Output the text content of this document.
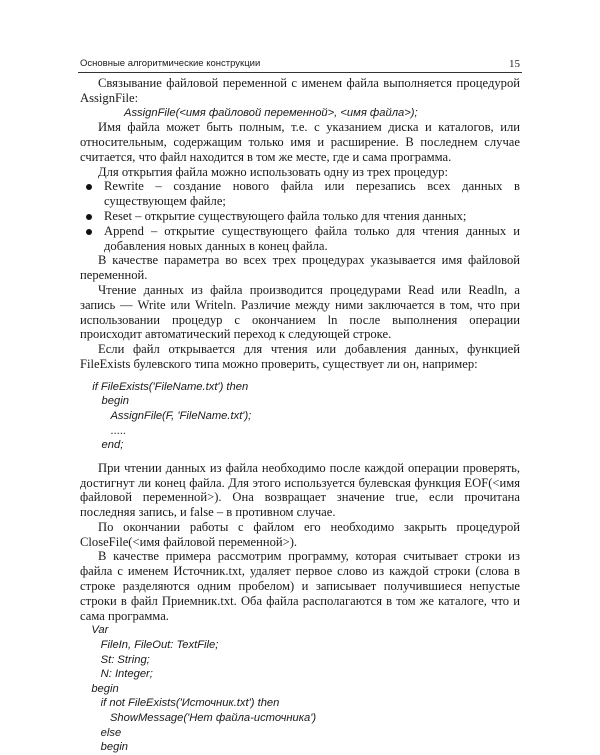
Основные алгоритмические конструкции	15

Связывание файловой переменной с именем файла выполняется процедурой AssignFile:

AssignFile(<имя файловой переменной>, <имя файла>);

Имя файла может быть полным, т.е. с указанием диска и каталогов, или относительным, содержащим только имя и расширение. В последнем случае считается, что файл находится в том же месте, где и сама программа.

Для открытия файла можно использовать одну из трех процедур:

Rewrite – создание нового файла или перезапись всех данных в существующем файле;
Reset – открытие существующего файла только для чтения данных;
Append – открытие существующего файла только для чтения данных и добавления новых данных в конец файла.

В качестве параметра во всех трех процедурах указывается имя файловой переменной.

Чтение данных из файла производится процедурами Read или Readln, а запись — Write или Writeln. Различие между ними заключается в том, что при использовании процедур с окончанием ln после выполнения операции происходит автоматический переход к следующей строке.

Если файл открывается для чтения или добавления данных, функцией FileExists булевского типа можно проверить, существует ли он, например:

if FileExists('FileName.txt') then
begin
AssignFile(F, 'FileName.txt');
.....
end;

При чтении данных из файла необходимо после каждой операции проверять, достигнут ли конец файла. Для этого используется булевская функция EOF(<имя файловой переменной>). Она возвращает значение true, если прочитана последняя запись, и false – в противном случае.

По окончании работы с файлом его необходимо закрыть процедурой CloseFile(<имя файловой переменной>).

В качестве примера рассмотрим программу, которая считывает строки из файла с именем Источник.txt, удаляет первое слово из каждой строки (слова в строке разделяются одним пробелом) и записывает получившиеся непустые строки в файл Приемник.txt. Оба файла располагаются в том же каталоге, что и сама программа.

Var
FileIn, FileOut: TextFile;
St: String;
N: Integer;
begin
if not FileExists('Источник.txt') then
ShowMessage('Нет файла-источника')
else
begin
